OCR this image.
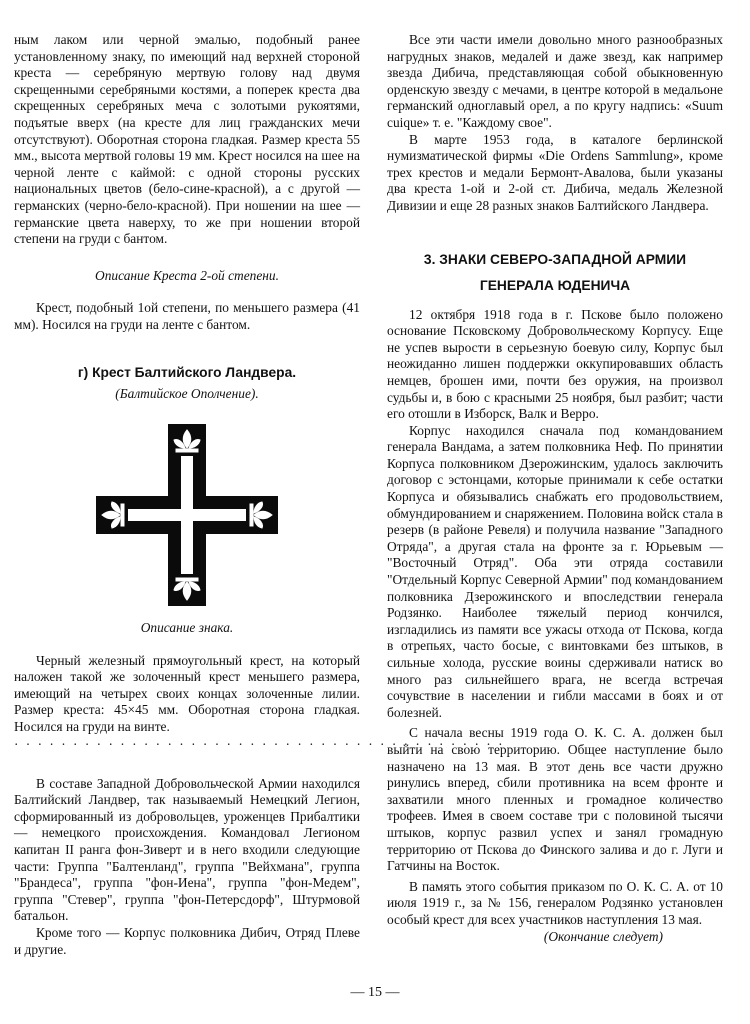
ным лаком или черной эмалью, подобный ранее установленному знаку, по имеющий над верхней стороной креста — серебряную мертвую голову над двумя скрещенными серебряными костями, а поперек креста два скрещенных серебряных меча с золотыми рукоятями, подъятые вверх (на кресте для лиц гражданских мечи отсутствуют). Оборотная сторона гладкая. Размер креста 55 мм., высота мертвой головы 19 мм. Крест носился на шее на черной ленте с каймой: с одной стороны русских национальных цветов (бело-сине-красной), а с другой — германских (черно-бело-красной). При ношении на шее — германские цвета наверху, то же при ношении второй степени на груди с бантом.

Описание Креста 2-ой степени.

Крест, подобный 1ой степени, по меньшего размера (41 мм). Носился на груди на ленте с бантом.

г) Крест Балтийского Ландвера.

(Балтийское Ополчение).

Описание знака.

Черный железный прямоугольный крест, на который наложен такой же золоченный крест меньшего размера, имеющий на четырех своих концах золоченные лилии. Размер креста: 45×45 мм. Оборотная сторона гладкая. Носился на груди на винте.

· · · · · · · · · · · · · · · · · · · · · · · · · · · · · · · · · · · · · · · · · ·

В составе Западной Добровольческой Армии находился Балтийский Ландвер, так называемый Немецкий Легион, сформированный из добровольцев, уроженцев Прибалтики — немецкого происхождения. Командовал Легионом капитан II ранга фон-Зиверт и в него входили следующие части: Группа "Балтенланд", группа "Вейхмана", группа "Брандеса", группа "фон-Иена", группа "фон-Медем", группа "Стевер", группа "фон-Петерсдорф", Штурмовой батальон.

Кроме того — Корпус полковника Дибич, Отряд Плеве и другие.

Все эти части имели довольно много разнообразных нагрудных знаков, медалей и даже звезд, как например звезда Дибича, представляющая собой обыкновенную орденскую звезду с мечами, в центре которой в медальоне германский одноглавый орел, а по кругу надпись: «Suum cuique» т. е. "Каждому свое".

В марте 1953 года, в каталоге берлинской нумизматической фирмы «Die Ordens Sammlung», кроме трех крестов и медали Бермонт-Авалова, были указаны два креста 1-ой и 2-ой ст. Дибича, медаль Железной Дивизии и еще 28 разных знаков Балтийского Ландвера.

3. ЗНАКИ СЕВЕРО-ЗАПАДНОЙ АРМИИ

ГЕНЕРАЛА ЮДЕНИЧА

12 октября 1918 года в г. Пскове было положено основание Псковскому Добровольческому Корпусу. Еще не успев вырости в серьезную боевую силу, Корпус был неожиданно лишен поддержки оккупировавших область немцев, брошен ими, почти без оружия, на произвол судьбы и, в бою с красными 25 ноября, был разбит; части его отошли в Изборск, Валк и Верро.

Корпус находился сначала под командованием генерала Вандама, а затем полковника Неф. По принятии Корпуса полковником Дзерожинским, удалось заключить договор с эстонцами, которые принимали к себе остатки Корпуса и обязывались снабжать его продовольствием, обмундированием и снаряжением. Половина войск стала в резерв (в районе Ревеля) и получила название "Западного Отряда", а другая стала на фронте за г. Юрьевым — "Восточный Отряд". Оба эти отряда составили "Отдельный Корпус Северной Армии" под командованием полковника Дзерожинского и впоследствии генерала Родзянко. Наиболее тяжелый период кончился, изгладились из памяти все ужасы отхода от Пскова, когда в отрепьях, часто босые, с винтовками без штыков, в сильные холода, русские воины сдерживали натиск во много раз сильнейшего врага, не всегда встречая сочувствие в населении и гибли массами в боях и от болезней.

С начала весны 1919 года О. К. С. А. должен был выйти на свою территорию. Общее наступление было назначено на 13 мая. В этот день все части дружно ринулись вперед, сбили противника на всем фронте и захватили много пленных и громадное количество трофеев. Имея в своем составе три с половиной тысячи штыков, корпус развил успех и занял громадную территорию от Пскова до Финского залива и до г. Луги и Гатчины на Восток.

В память этого события приказом по О. К. С. А. от 10 июля 1919 г., за № 156, генералом Родзянко установлен особый крест для всех участников наступления 13 мая.

(Окончание следует)

— 15 —
